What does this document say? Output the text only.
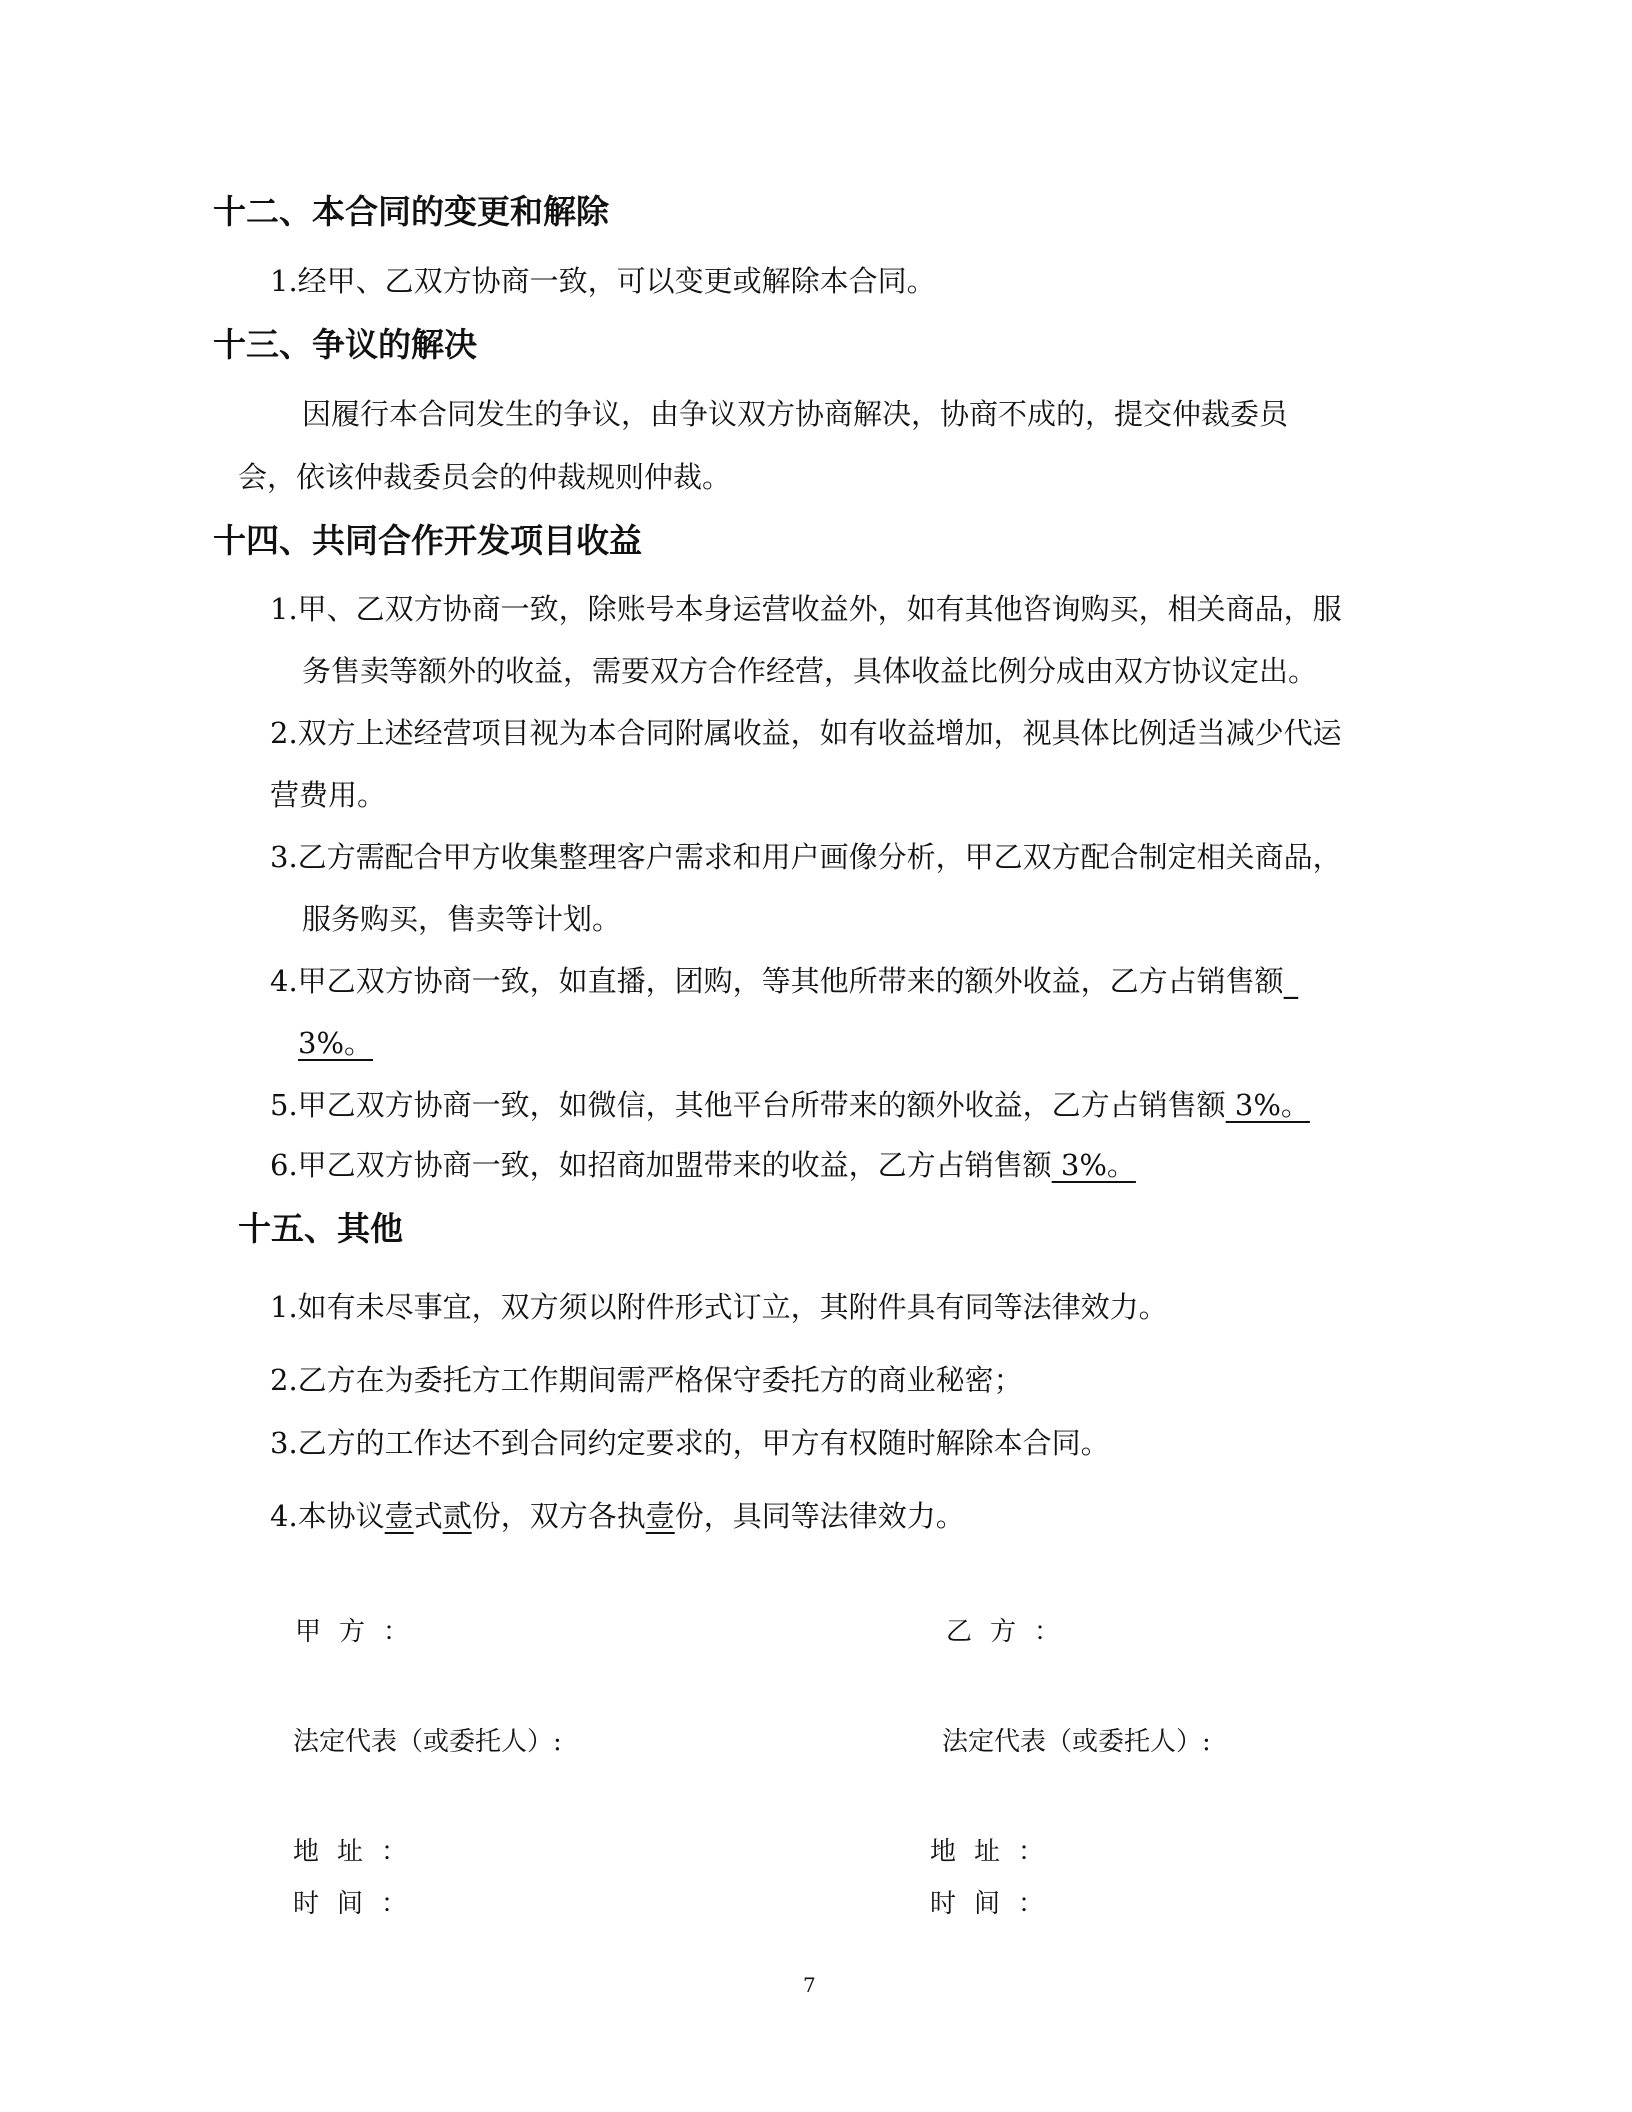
十二、本合同的变更和解除
1.经甲、乙双方协商一致，可以变更或解除本合同。
十三、争议的解决
因履行本合同发生的争议，由争议双方协商解决，协商不成的，提交仲裁委员
会，依该仲裁委员会的仲裁规则仲裁。
十四、共同合作开发项目收益
1.甲、乙双方协商一致，除账号本身运营收益外，如有其他咨询购买，相关商品，服
务售卖等额外的收益，需要双方合作经营，具体收益比例分成由双方协议定出。
2.双方上述经营项目视为本合同附属收益，如有收益增加，视具体比例适当减少代运
营费用。
3.乙方需配合甲方收集整理客户需求和用户画像分析，甲乙双方配合制定相关商品，
服务购买，售卖等计划。
4.甲乙双方协商一致，如直播，团购，等其他所带来的额外收益，乙方占销售额_
3%。
5.甲乙双方协商一致，如微信，其他平台所带来的额外收益，乙方占销售额 3%。
6.甲乙双方协商一致，如招商加盟带来的收益，乙方占销售额 3%。
十五、其他
1.如有未尽事宜，双方须以附件形式订立，其附件具有同等法律效力。
2.乙方在为委托方工作期间需严格保守委托方的商业秘密；
3.乙方的工作达不到合同约定要求的，甲方有权随时解除本合同。
4.本协议壹式贰份，双方各执壹份，具同等法律效力。
甲方：	乙方：
法定代表（或委托人）:	法定代表（或委托人）:
地址：	地址：
时间：	时间：
7
